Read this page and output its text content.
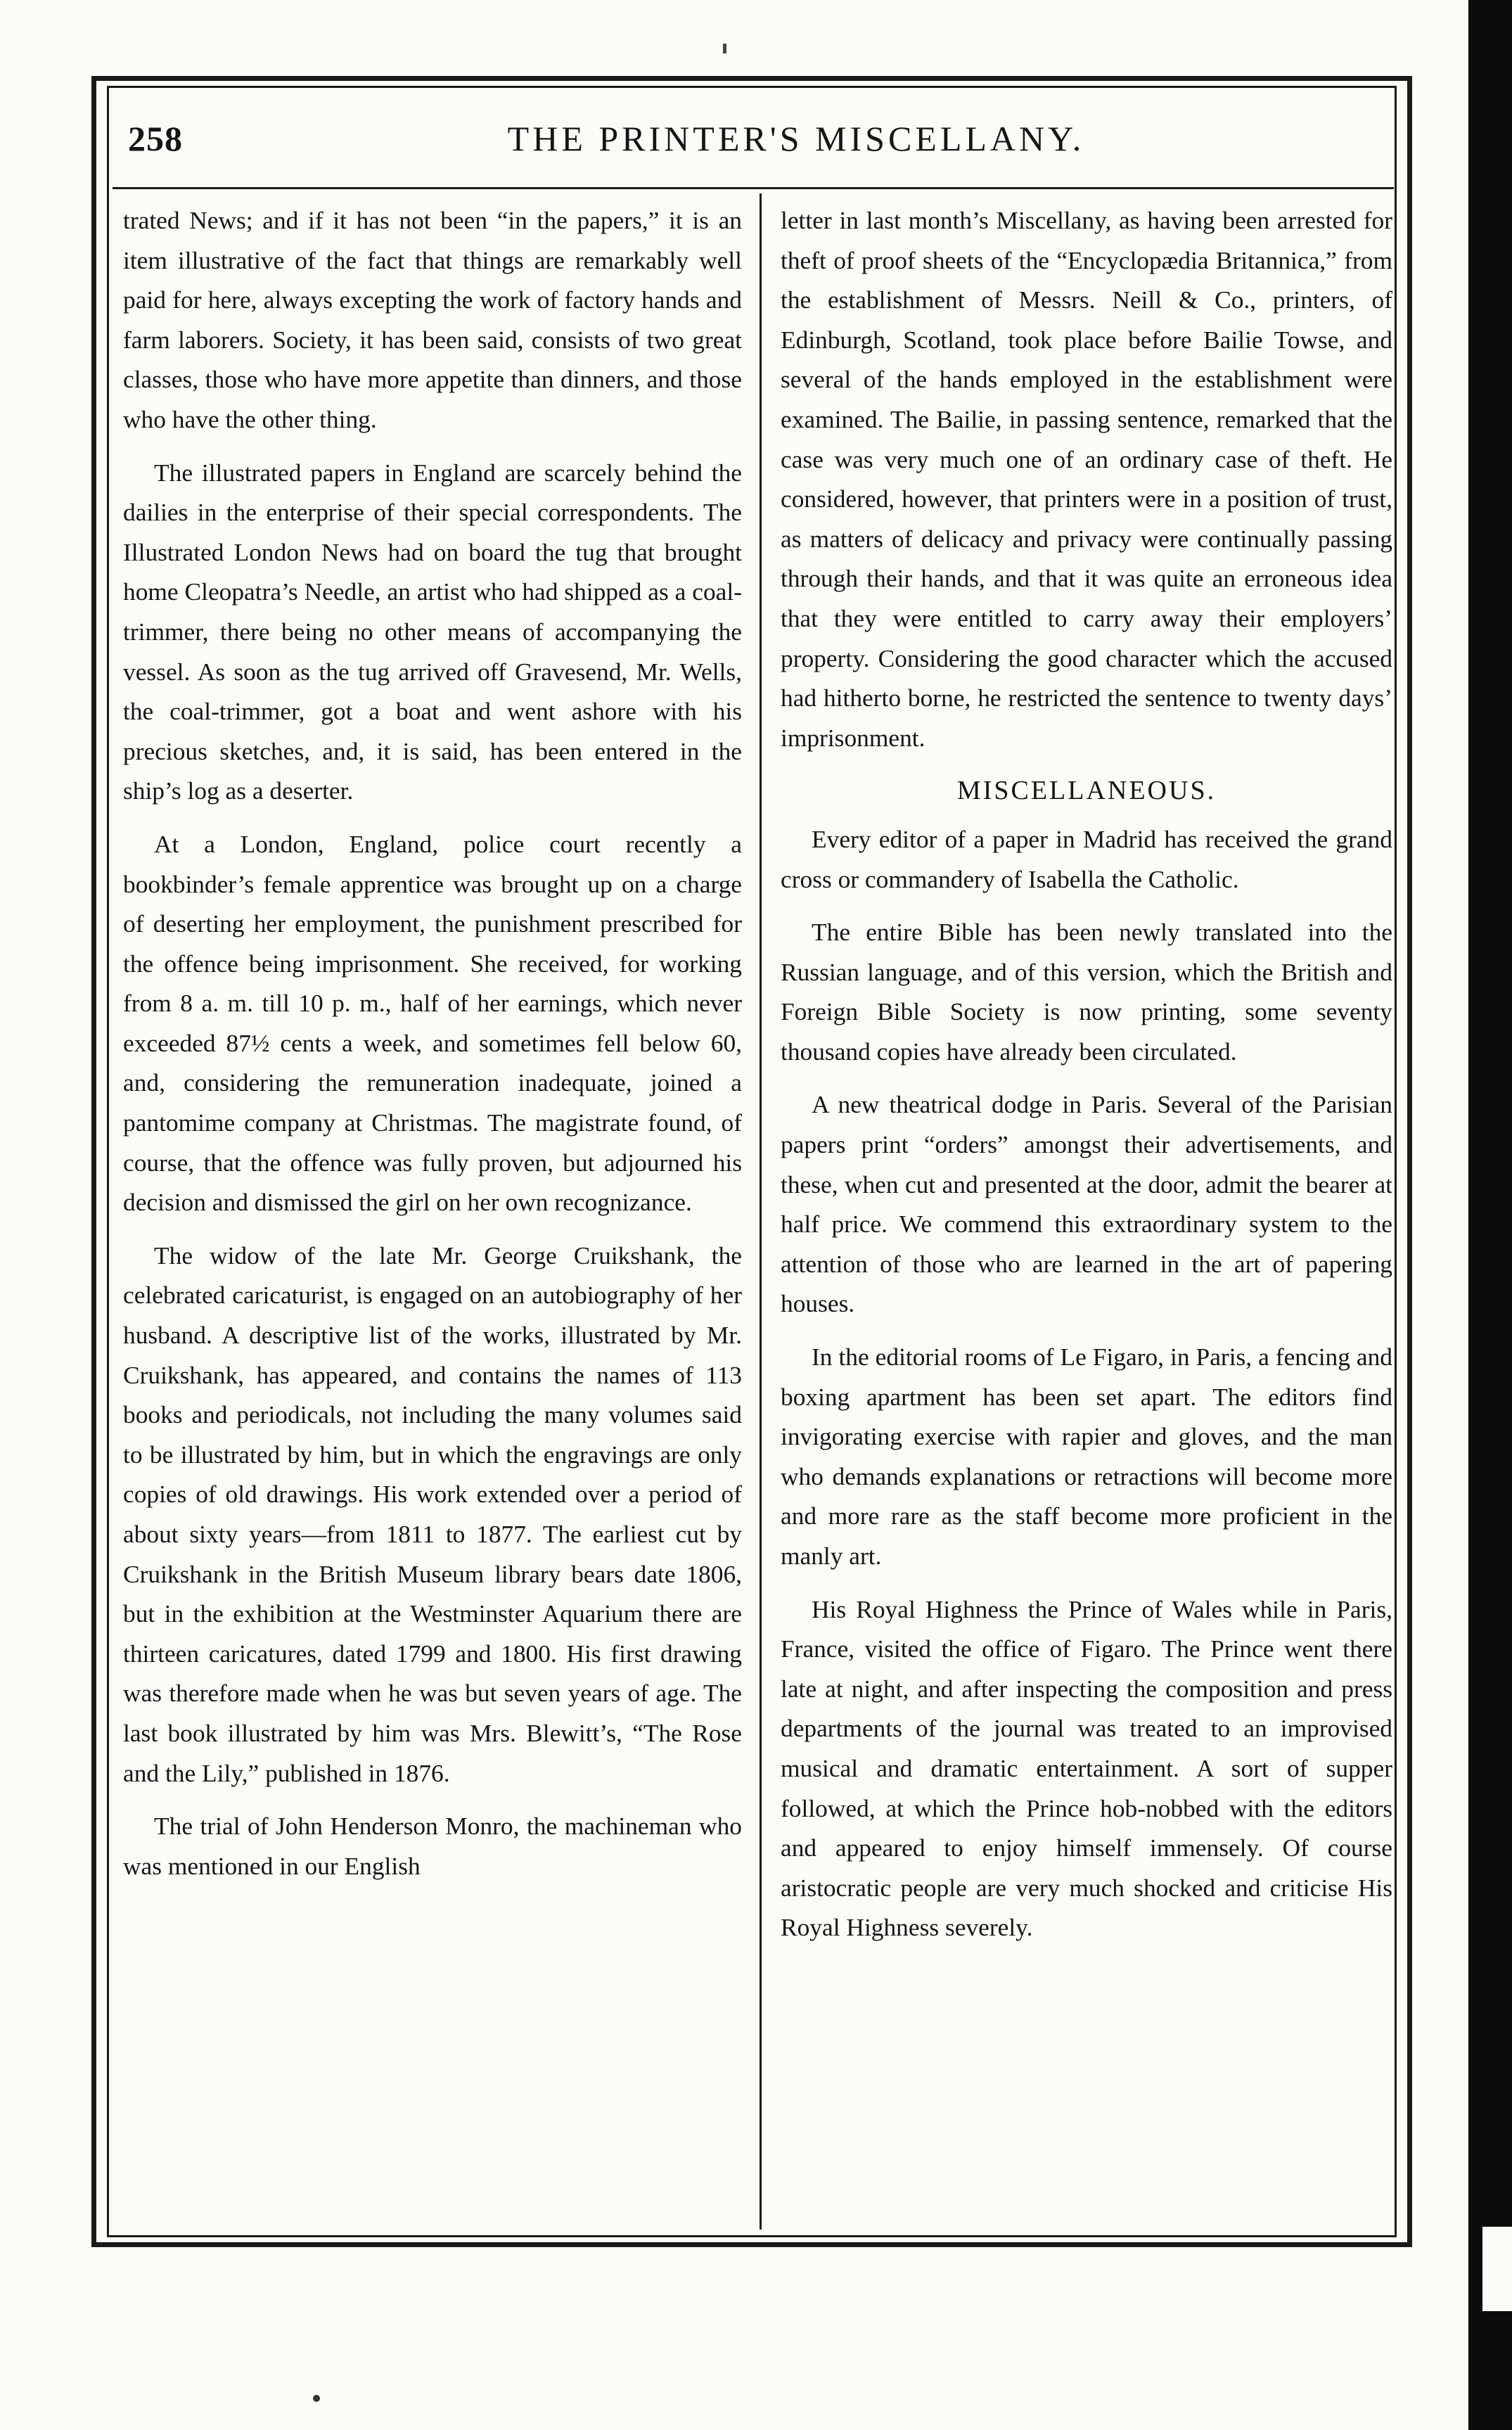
258	THE PRINTER'S MISCELLANY.

trated News; and if it has not been “in the papers,” it is an item illustrative of the fact that things are remarkably well paid for here, always excepting the work of factory hands and farm laborers. Society, it has been said, consists of two great classes, those who have more appetite than dinners, and those who have the other thing.

The illustrated papers in England are scarcely behind the dailies in the enterprise of their special correspondents. The Illustrated London News had on board the tug that brought home Cleopatra’s Needle, an artist who had shipped as a coal-trimmer, there being no other means of accompanying the vessel. As soon as the tug arrived off Gravesend, Mr. Wells, the coal-trimmer, got a boat and went ashore with his precious sketches, and, it is said, has been entered in the ship’s log as a deserter.

At a London, England, police court recently a bookbinder’s female apprentice was brought up on a charge of deserting her employment, the punishment prescribed for the offence being imprisonment. She received, for working from 8 a. m. till 10 p. m., half of her earnings, which never exceeded 87½ cents a week, and sometimes fell below 60, and, considering the remuneration inadequate, joined a pantomime company at Christmas. The magistrate found, of course, that the offence was fully proven, but adjourned his decision and dismissed the girl on her own recognizance.

The widow of the late Mr. George Cruikshank, the celebrated caricaturist, is engaged on an autobiography of her husband. A descriptive list of the works, illustrated by Mr. Cruikshank, has appeared, and contains the names of 113 books and periodicals, not including the many volumes said to be illustrated by him, but in which the engravings are only copies of old drawings. His work extended over a period of about sixty years—from 1811 to 1877. The earliest cut by Cruikshank in the British Museum library bears date 1806, but in the exhibition at the Westminster Aquarium there are thirteen caricatures, dated 1799 and 1800. His first drawing was therefore made when he was but seven years of age. The last book illustrated by him was Mrs. Blewitt’s, “The Rose and the Lily,” published in 1876.

The trial of John Henderson Monro, the machineman who was mentioned in our English

letter in last month’s Miscellany, as having been arrested for theft of proof sheets of the “Encyclopædia Britannica,” from the establishment of Messrs. Neill & Co., printers, of Edinburgh, Scotland, took place before Bailie Towse, and several of the hands employed in the establishment were examined. The Bailie, in passing sentence, remarked that the case was very much one of an ordinary case of theft. He considered, however, that printers were in a position of trust, as matters of delicacy and privacy were continually passing through their hands, and that it was quite an erroneous idea that they were entitled to carry away their employers’ property. Considering the good character which the accused had hitherto borne, he restricted the sentence to twenty days’ imprisonment.

MISCELLANEOUS.

Every editor of a paper in Madrid has received the grand cross or commandery of Isabella the Catholic.

The entire Bible has been newly translated into the Russian language, and of this version, which the British and Foreign Bible Society is now printing, some seventy thousand copies have already been circulated.

A new theatrical dodge in Paris. Several of the Parisian papers print “orders” amongst their advertisements, and these, when cut and presented at the door, admit the bearer at half price. We commend this extraordinary system to the attention of those who are learned in the art of papering houses.

In the editorial rooms of Le Figaro, in Paris, a fencing and boxing apartment has been set apart. The editors find invigorating exercise with rapier and gloves, and the man who demands explanations or retractions will become more and more rare as the staff become more proficient in the manly art.

His Royal Highness the Prince of Wales while in Paris, France, visited the office of Figaro. The Prince went there late at night, and after inspecting the composition and press departments of the journal was treated to an improvised musical and dramatic entertainment. A sort of supper followed, at which the Prince hob-nobbed with the editors and appeared to enjoy himself immensely. Of course aristocratic people are very much shocked and criticise His Royal Highness severely.
